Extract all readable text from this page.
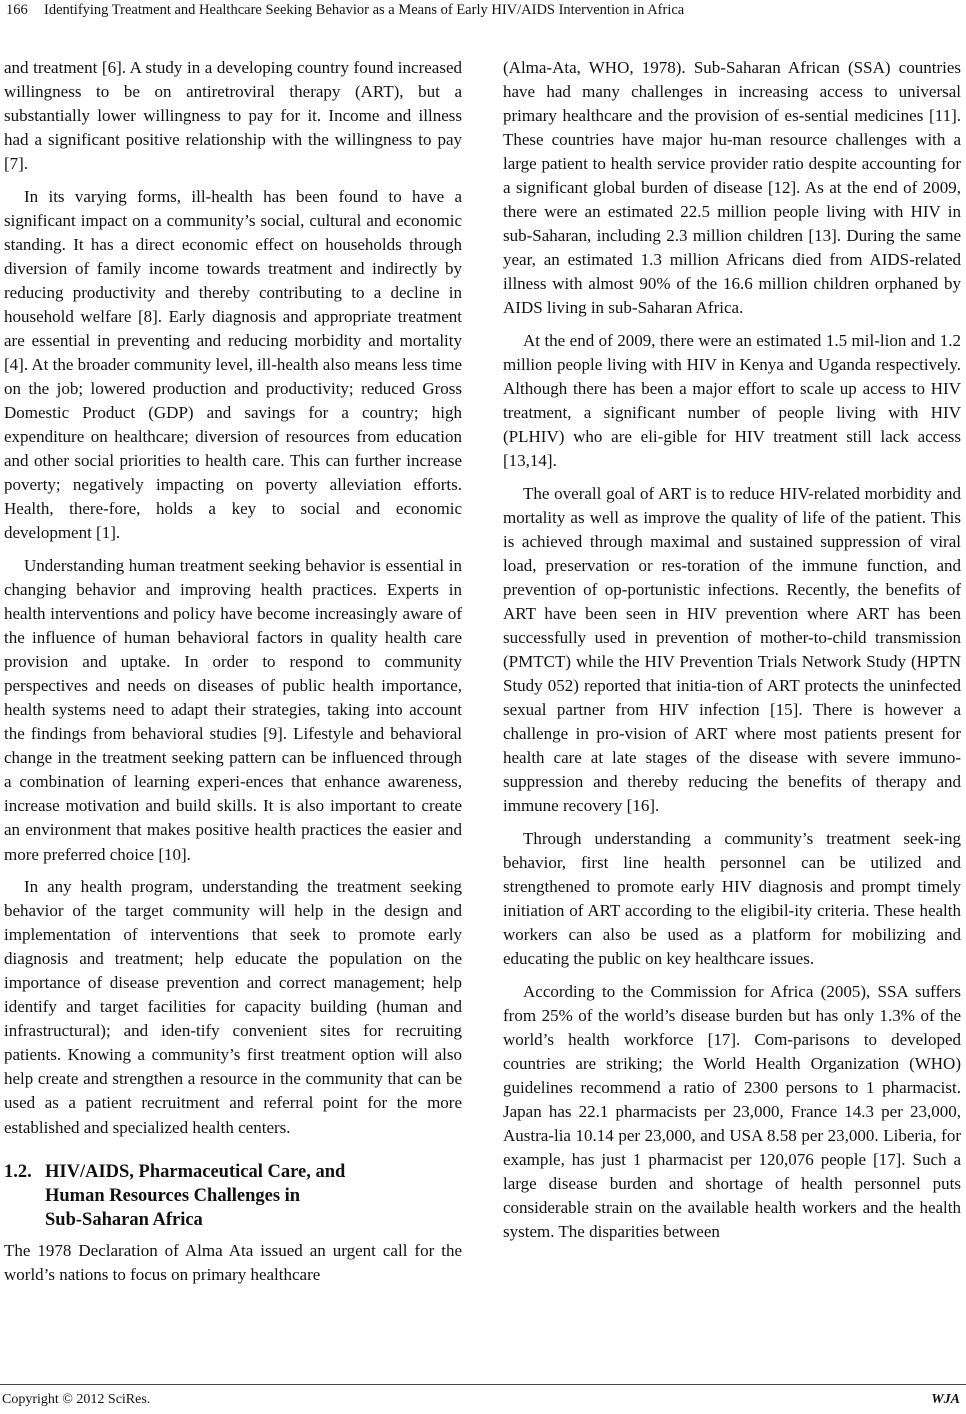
166 Identifying Treatment and Healthcare Seeking Behavior as a Means of Early HIV/AIDS Intervention in Africa

and treatment [6]. A study in a developing country found increased willingness to be on antiretroviral therapy (ART), but a substantially lower willingness to pay for it. Income and illness had a significant positive relationship with the willingness to pay [7].

In its varying forms, ill-health has been found to have a significant impact on a community’s social, cultural and economic standing. It has a direct economic effect on households through diversion of family income towards treatment and indirectly by reducing productivity and thereby contributing to a decline in household welfare [8]. Early diagnosis and appropriate treatment are essential in preventing and reducing morbidity and mortality [4]. At the broader community level, ill-health also means less time on the job; lowered production and productivity; reduced Gross Domestic Product (GDP) and savings for a country; high expenditure on healthcare; diversion of resources from education and other social priorities to health care. This can further increase poverty; negatively impacting on poverty alleviation efforts. Health, there-fore, holds a key to social and economic development [1].

Understanding human treatment seeking behavior is essential in changing behavior and improving health practices. Experts in health interventions and policy have become increasingly aware of the influence of human behavioral factors in quality health care provision and uptake. In order to respond to community perspectives and needs on diseases of public health importance, health systems need to adapt their strategies, taking into account the findings from behavioral studies [9]. Lifestyle and behavioral change in the treatment seeking pattern can be influenced through a combination of learning experi-ences that enhance awareness, increase motivation and build skills. It is also important to create an environment that makes positive health practices the easier and more preferred choice [10].

In any health program, understanding the treatment seeking behavior of the target community will help in the design and implementation of interventions that seek to promote early diagnosis and treatment; help educate the population on the importance of disease prevention and correct management; help identify and target facilities for capacity building (human and infrastructural); and iden-tify convenient sites for recruiting patients. Knowing a community’s first treatment option will also help create and strengthen a resource in the community that can be used as a patient recruitment and referral point for the more established and specialized health centers.

1.2. HIV/AIDS, Pharmaceutical Care, and
Human Resources Challenges in
Sub-Saharan Africa

The 1978 Declaration of Alma Ata issued an urgent call for the world’s nations to focus on primary healthcare

(Alma-Ata, WHO, 1978). Sub-Saharan African (SSA) countries have had many challenges in increasing access to universal primary healthcare and the provision of es-sential medicines [11]. These countries have major hu-man resource challenges with a large patient to health service provider ratio despite accounting for a significant global burden of disease [12]. As at the end of 2009, there were an estimated 22.5 million people living with HIV in sub-Saharan, including 2.3 million children [13]. During the same year, an estimated 1.3 million Africans died from AIDS-related illness with almost 90% of the 16.6 million children orphaned by AIDS living in sub-Saharan Africa.

At the end of 2009, there were an estimated 1.5 mil-lion and 1.2 million people living with HIV in Kenya and Uganda respectively. Although there has been a major effort to scale up access to HIV treatment, a significant number of people living with HIV (PLHIV) who are eli-gible for HIV treatment still lack access [13,14].

The overall goal of ART is to reduce HIV-related morbidity and mortality as well as improve the quality of life of the patient. This is achieved through maximal and sustained suppression of viral load, preservation or res-toration of the immune function, and prevention of op-portunistic infections. Recently, the benefits of ART have been seen in HIV prevention where ART has been successfully used in prevention of mother-to-child transmission (PMTCT) while the HIV Prevention Trials Network Study (HPTN Study 052) reported that initia-tion of ART protects the uninfected sexual partner from HIV infection [15]. There is however a challenge in pro-vision of ART where most patients present for health care at late stages of the disease with severe immuno-suppression and thereby reducing the benefits of therapy and immune recovery [16].

Through understanding a community’s treatment seek-ing behavior, first line health personnel can be utilized and strengthened to promote early HIV diagnosis and prompt timely initiation of ART according to the eligibil-ity criteria. These health workers can also be used as a platform for mobilizing and educating the public on key healthcare issues.

According to the Commission for Africa (2005), SSA suffers from 25% of the world’s disease burden but has only 1.3% of the world’s health workforce [17]. Com-parisons to developed countries are striking; the World Health Organization (WHO) guidelines recommend a ratio of 2300 persons to 1 pharmacist. Japan has 22.1 pharmacists per 23,000, France 14.3 per 23,000, Austra-lia 10.14 per 23,000, and USA 8.58 per 23,000. Liberia, for example, has just 1 pharmacist per 120,076 people [17]. Such a large disease burden and shortage of health personnel puts considerable strain on the available health workers and the health system. The disparities between

Copyright © 2012 SciRes.	WJA
